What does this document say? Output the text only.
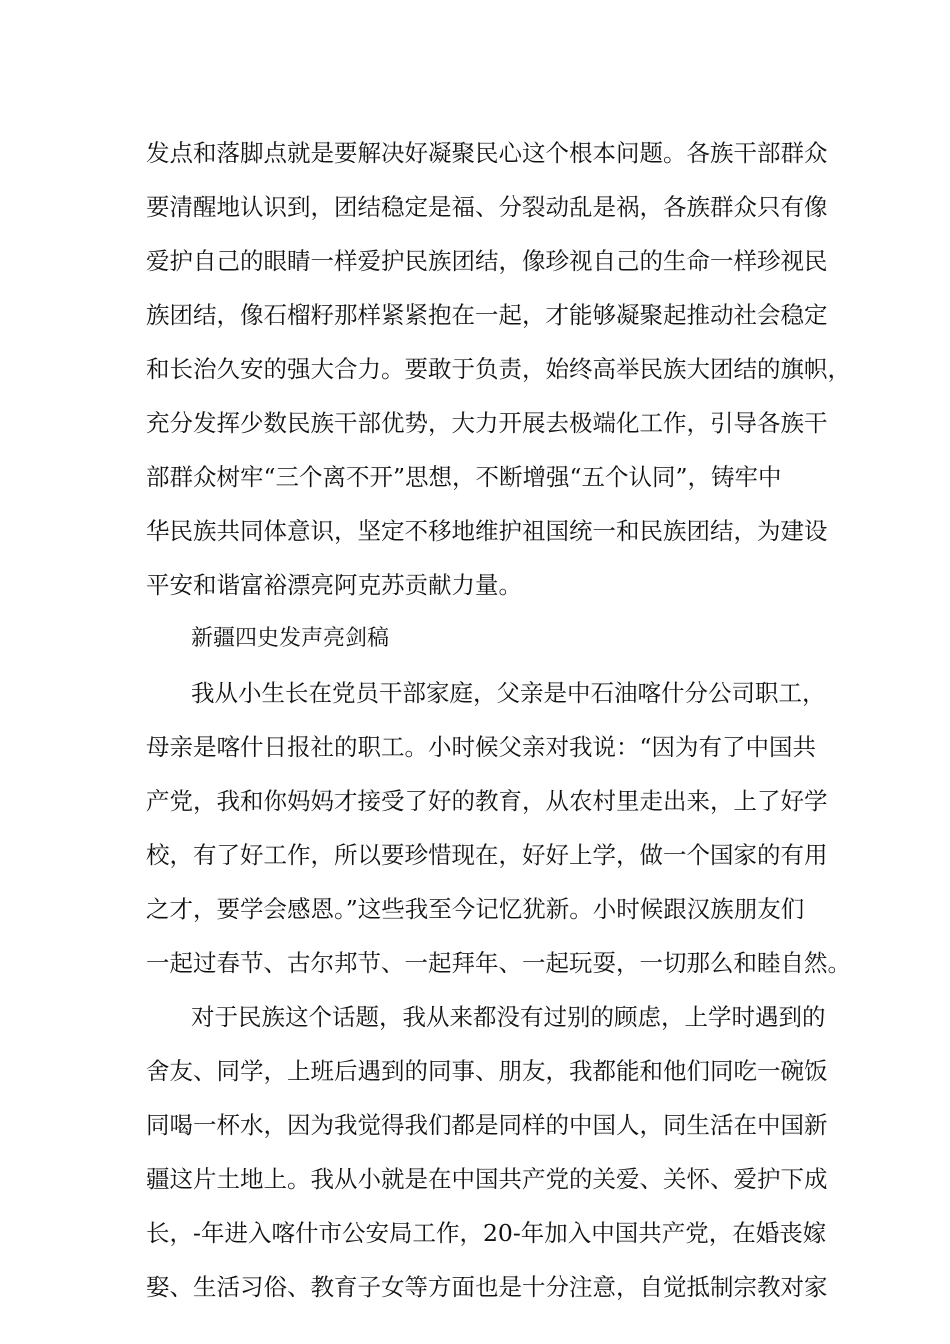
发点和落脚点就是要解决好凝聚民心这个根本问题。各族干部群众
要清醒地认识到，团结稳定是福、分裂动乱是祸，各族群众只有像
爱护自己的眼睛一样爱护民族团结，像珍视自己的生命一样珍视民
族团结，像石榴籽那样紧紧抱在一起，才能够凝聚起推动社会稳定
和长治久安的强大合力。要敢于负责，始终高举民族大团结的旗帜，
充分发挥少数民族干部优势，大力开展去极端化工作，引导各族干
部群众树牢“三个离不开”思想，不断增强“五个认同”，铸牢中
华民族共同体意识，坚定不移地维护祖国统一和民族团结，为建设
平安和谐富裕漂亮阿克苏贡献力量。
新疆四史发声亮剑稿
我从小生长在党员干部家庭，父亲是中石油喀什分公司职工，
母亲是喀什日报社的职工。小时候父亲对我说：“因为有了中国共
产党，我和你妈妈才接受了好的教育，从农村里走出来，上了好学
校，有了好工作，所以要珍惜现在，好好上学，做一个国家的有用
之才，要学会感恩。”这些我至今记忆犹新。小时候跟汉族朋友们
一起过春节、古尔邦节、一起拜年、一起玩耍，一切那么和睦自然。
对于民族这个话题，我从来都没有过别的顾虑，上学时遇到的
舍友、同学，上班后遇到的同事、朋友，我都能和他们同吃一碗饭
同喝一杯水，因为我觉得我们都是同样的中国人，同生活在中国新
疆这片土地上。我从小就是在中国共产党的关爱、关怀、爱护下成
长，-年进入喀什市公安局工作，20-年加入中国共产党，在婚丧嫁
娶、生活习俗、教育子女等方面也是十分注意，自觉抵制宗教对家
